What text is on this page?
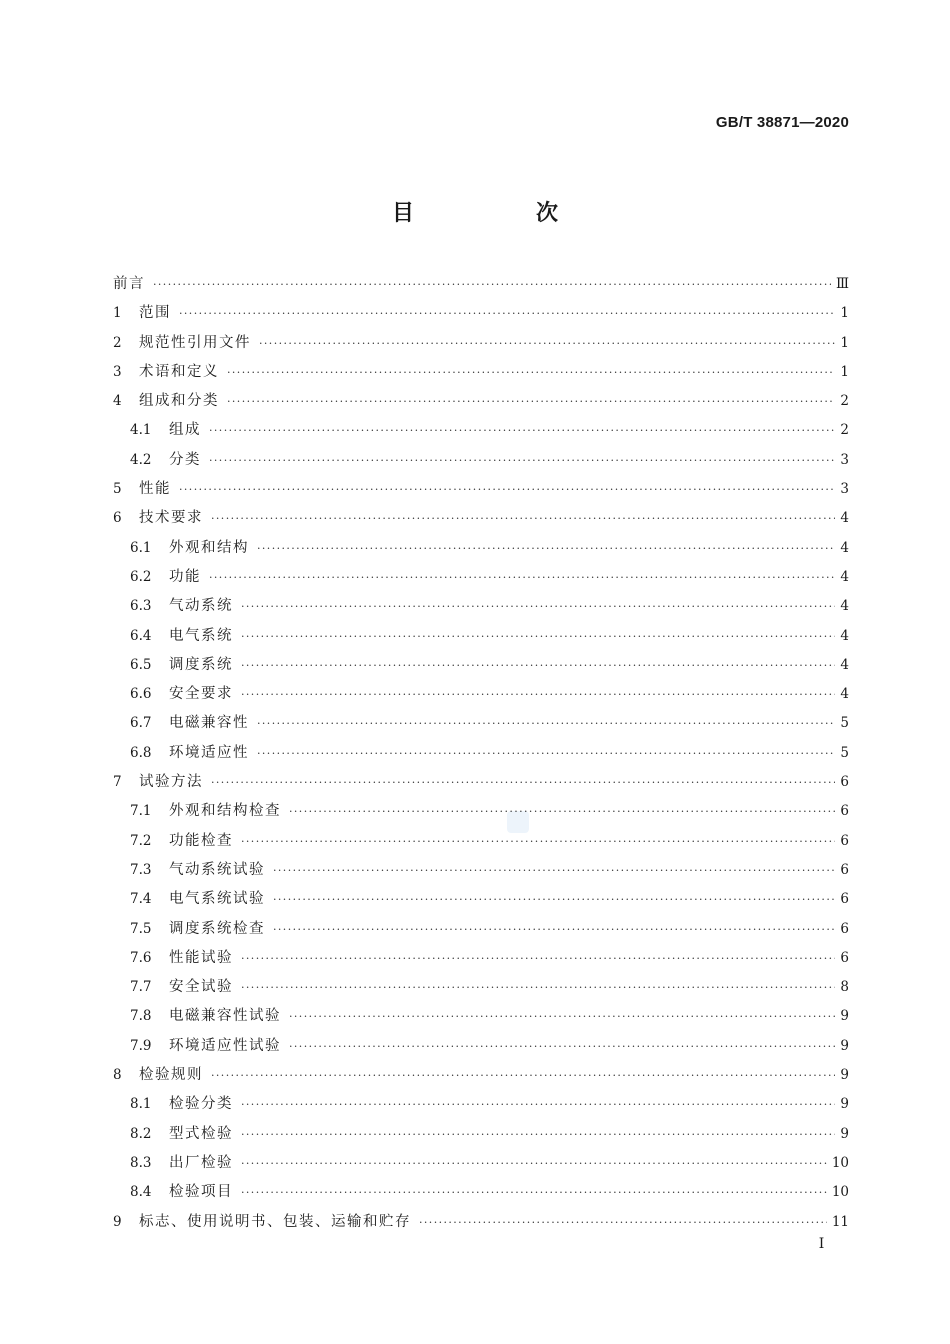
GB/T 38871—2020
目　次
前言 ·····	Ⅲ
1	范围 ·····	1
2	规范性引用文件 ·····	1
3	术语和定义 ·····	1
4	组成和分类 ·····	2
4.1	组成 ·····	2
4.2	分类 ·····	3
5	性能 ·····	3
6	技术要求 ·····	4
6.1	外观和结构 ·····	4
6.2	功能 ·····	4
6.3	气动系统 ·····	4
6.4	电气系统 ·····	4
6.5	调度系统 ·····	4
6.6	安全要求 ·····	4
6.7	电磁兼容性 ·····	5
6.8	环境适应性 ·····	5
7	试验方法 ·····	6
7.1	外观和结构检查 ·····	6
7.2	功能检查 ·····	6
7.3	气动系统试验 ·····	6
7.4	电气系统试验 ·····	6
7.5	调度系统检查 ·····	6
7.6	性能试验 ·····	6
7.7	安全试验 ·····	8
7.8	电磁兼容性试验 ·····	9
7.9	环境适应性试验 ·····	9
8	检验规则 ·····	9
8.1	检验分类 ·····	9
8.2	型式检验 ·····	9
8.3	出厂检验 ·····	10
8.4	检验项目 ·····	10
9	标志、使用说明书、包装、运输和贮存 ·····	11
Ⅰ
